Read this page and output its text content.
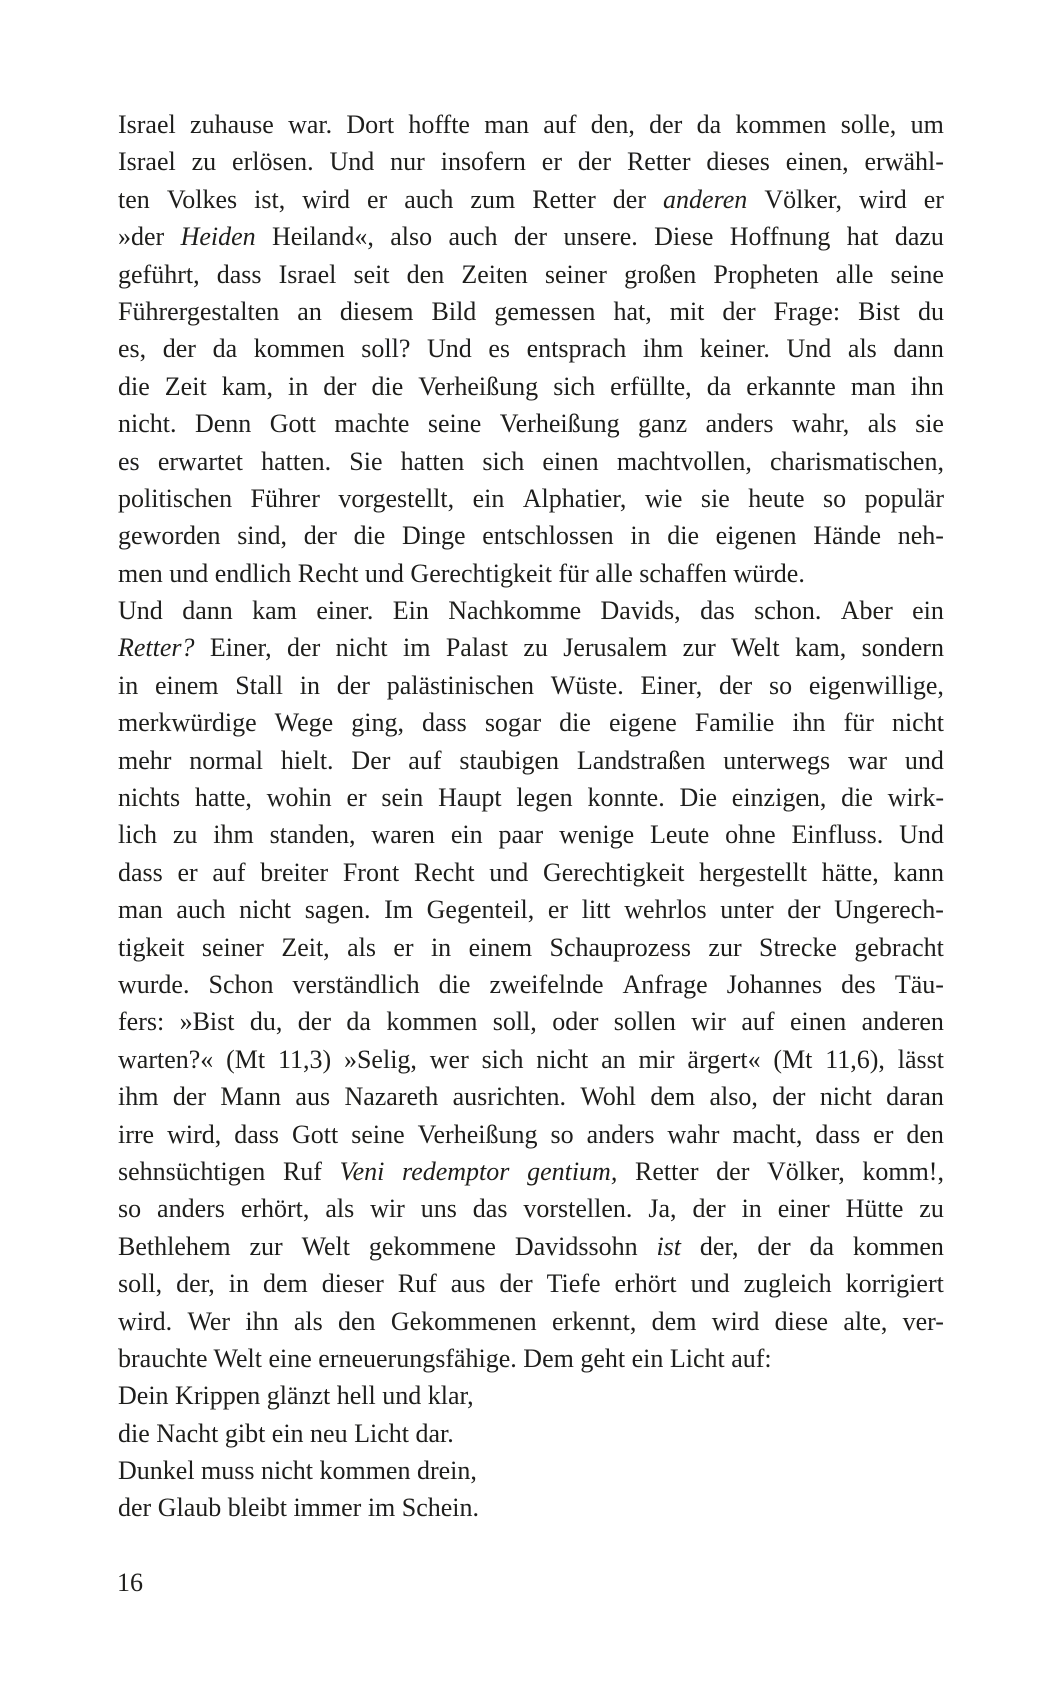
Israel zuhause war. Dort hoffte man auf den, der da kommen solle, um
Israel zu erlösen. Und nur insofern er der Retter dieses einen, erwähl-
ten Volkes ist, wird er auch zum Retter der anderen Völker, wird er
»der Heiden Heiland«, also auch der unsere. Diese Hoffnung hat dazu
geführt, dass Israel seit den Zeiten seiner großen Propheten alle seine
Führergestalten an diesem Bild gemessen hat, mit der Frage: Bist du
es, der da kommen soll? Und es entsprach ihm keiner. Und als dann
die Zeit kam, in der die Verheißung sich erfüllte, da erkannte man ihn
nicht. Denn Gott machte seine Verheißung ganz anders wahr, als sie
es erwartet hatten. Sie hatten sich einen machtvollen, charismatischen,
politischen Führer vorgestellt, ein Alphatier, wie sie heute so populär
geworden sind, der die Dinge entschlossen in die eigenen Hände neh-
men und endlich Recht und Gerechtigkeit für alle schaffen würde.
Und dann kam einer. Ein Nachkomme Davids, das schon. Aber ein
Retter? Einer, der nicht im Palast zu Jerusalem zur Welt kam, sondern
in einem Stall in der palästinischen Wüste. Einer, der so eigenwillige,
merkwürdige Wege ging, dass sogar die eigene Familie ihn für nicht
mehr normal hielt. Der auf staubigen Landstraßen unterwegs war und
nichts hatte, wohin er sein Haupt legen konnte. Die einzigen, die wirk-
lich zu ihm standen, waren ein paar wenige Leute ohne Einfluss. Und
dass er auf breiter Front Recht und Gerechtigkeit hergestellt hätte, kann
man auch nicht sagen. Im Gegenteil, er litt wehrlos unter der Ungerech-
tigkeit seiner Zeit, als er in einem Schauprozess zur Strecke gebracht
wurde. Schon verständlich die zweifelnde Anfrage Johannes des Täu-
fers: »Bist du, der da kommen soll, oder sollen wir auf einen anderen
warten?« (Mt 11,3) »Selig, wer sich nicht an mir ärgert« (Mt 11,6), lässt
ihm der Mann aus Nazareth ausrichten. Wohl dem also, der nicht daran
irre wird, dass Gott seine Verheißung so anders wahr macht, dass er den
sehnsüchtigen Ruf Veni redemptor gentium, Retter der Völker, komm!,
so anders erhört, als wir uns das vorstellen. Ja, der in einer Hütte zu
Bethlehem zur Welt gekommene Davidssohn ist der, der da kommen
soll, der, in dem dieser Ruf aus der Tiefe erhört und zugleich korrigiert
wird. Wer ihn als den Gekommenen erkennt, dem wird diese alte, ver-
brauchte Welt eine erneuerungsfähige. Dem geht ein Licht auf:
Dein Krippen glänzt hell und klar,
die Nacht gibt ein neu Licht dar.
Dunkel muss nicht kommen drein,
der Glaub bleibt immer im Schein.
16
